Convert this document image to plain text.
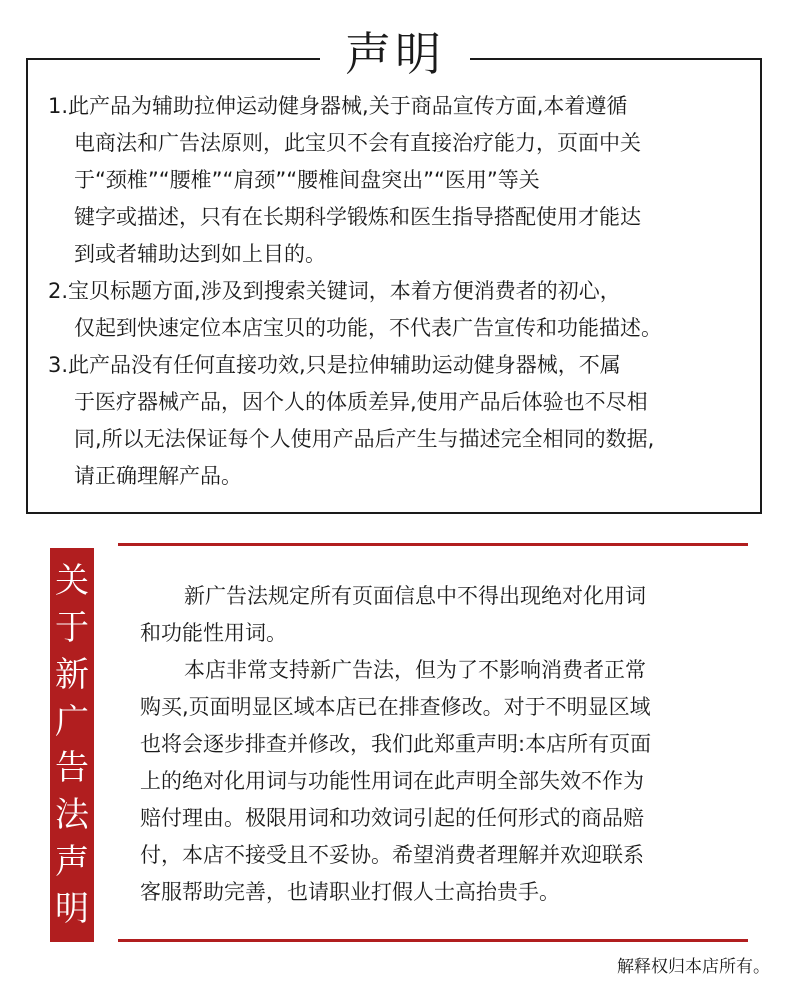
声明
1.此产品为辅助拉伸运动健身器械,关于商品宣传方面,本着遵循
电商法和广告法原则，此宝贝不会有直接治疗能力，页面中关
于“颈椎”“腰椎”“肩颈”“腰椎间盘突出”“医用”等关
键字或描述，只有在长期科学锻炼和医生指导搭配使用才能达
到或者辅助达到如上目的。
2.宝贝标题方面,涉及到搜索关键词，本着方便消费者的初心，
仅起到快速定位本店宝贝的功能，不代表广告宣传和功能描述。
3.此产品没有任何直接功效,只是拉伸辅助运动健身器械，不属
于医疗器械产品，因个人的体质差异,使用产品后体验也不尽相
同,所以无法保证每个人使用产品后产生与描述完全相同的数据,
请正确理解产品。
关
于
新
广
告
法
声
明
新广告法规定所有页面信息中不得出现绝对化用词
和功能性用词。
本店非常支持新广告法，但为了不影响消费者正常
购买,页面明显区域本店已在排查修改。对于不明显区域
也将会逐步排查并修改，我们此郑重声明:本店所有页面
上的绝对化用词与功能性用词在此声明全部失效不作为
赔付理由。极限用词和功效词引起的任何形式的商品赔
付，本店不接受且不妥协。希望消费者理解并欢迎联系
客服帮助完善，也请职业打假人士高抬贵手。
解释权归本店所有。
